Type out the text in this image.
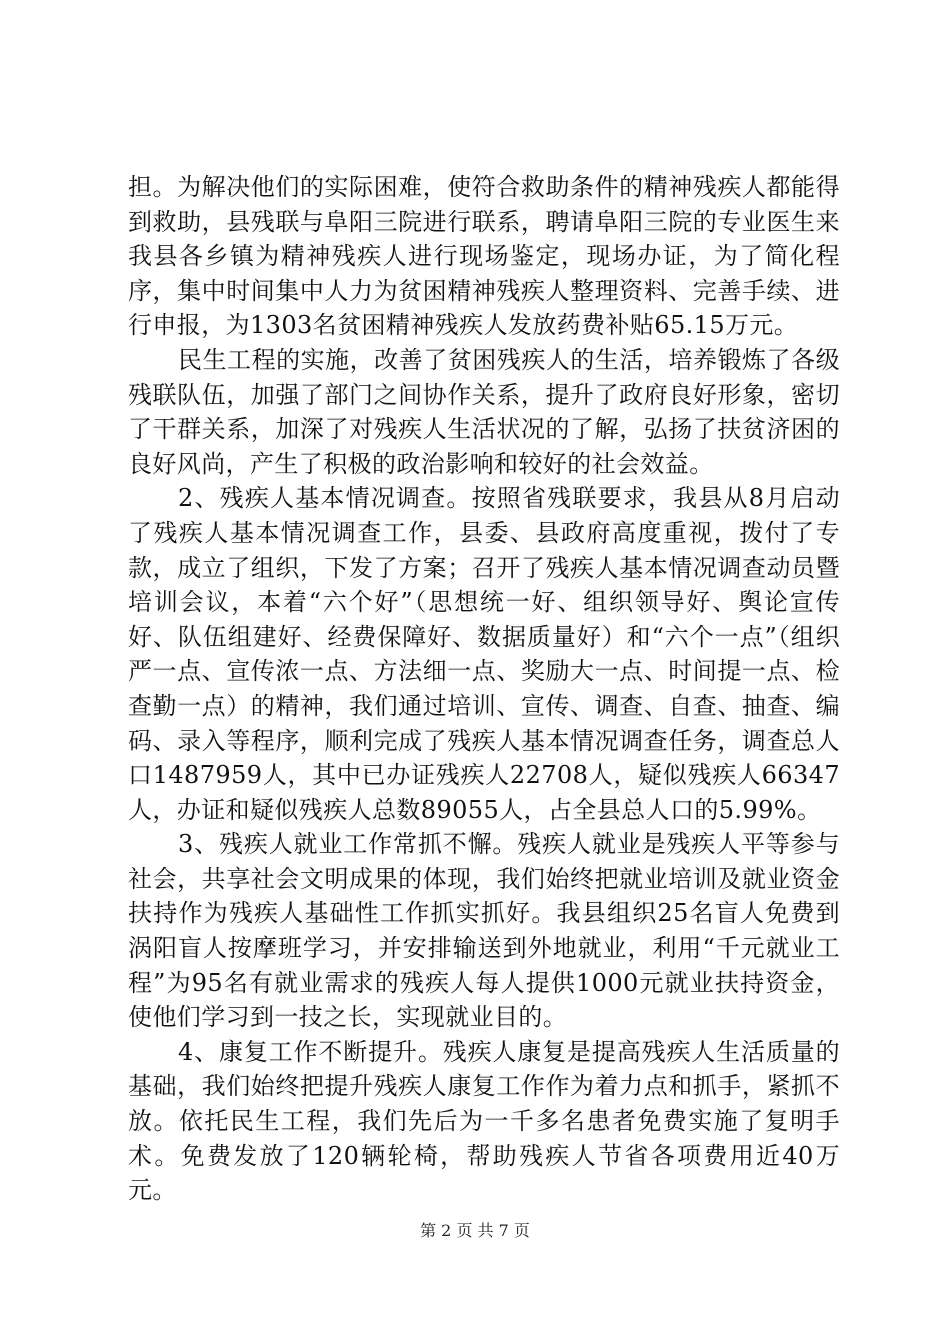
担。为解决他们的实际困难，使符合救助条件的精神残疾人都能得到救助，县残联与阜阳三院进行联系，聘请阜阳三院的专业医生来我县各乡镇为精神残疾人进行现场鉴定，现场办证，为了简化程序，集中时间集中人力为贫困精神残疾人整理资料、完善手续、进行申报，为1303名贫困精神残疾人发放药费补贴65.15万元。

民生工程的实施，改善了贫困残疾人的生活，培养锻炼了各级残联队伍，加强了部门之间协作关系，提升了政府良好形象，密切了干群关系，加深了对残疾人生活状况的了解，弘扬了扶贫济困的良好风尚，产生了积极的政治影响和较好的社会效益。

2、残疾人基本情况调查。按照省残联要求，我县从8月启动了残疾人基本情况调查工作，县委、县政府高度重视，拨付了专款，成立了组织，下发了方案；召开了残疾人基本情况调查动员暨培训会议，本着“六个好”（思想统一好、组织领导好、舆论宣传好、队伍组建好、经费保障好、数据质量好）和“六个一点”（组织严一点、宣传浓一点、方法细一点、奖励大一点、时间提一点、检查勤一点）的精神，我们通过培训、宣传、调查、自查、抽查、编码、录入等程序，顺利完成了残疾人基本情况调查任务，调查总人口1487959人，其中已办证残疾人22708人，疑似残疾人66347人，办证和疑似残疾人总数89055人，占全县总人口的5.99%。

3、残疾人就业工作常抓不懈。残疾人就业是残疾人平等参与社会，共享社会文明成果的体现，我们始终把就业培训及就业资金扶持作为残疾人基础性工作抓实抓好。我县组织25名盲人免费到涡阳盲人按摩班学习，并安排输送到外地就业，利用“千元就业工程”为95名有就业需求的残疾人每人提供1000元就业扶持资金，使他们学习到一技之长，实现就业目的。

4、康复工作不断提升。残疾人康复是提高残疾人生活质量的基础，我们始终把提升残疾人康复工作作为着力点和抓手，紧抓不放。依托民生工程，我们先后为一千多名患者免费实施了复明手术。免费发放了120辆轮椅，帮助残疾人节省各项费用近40万元。

第 2 页 共 7 页
